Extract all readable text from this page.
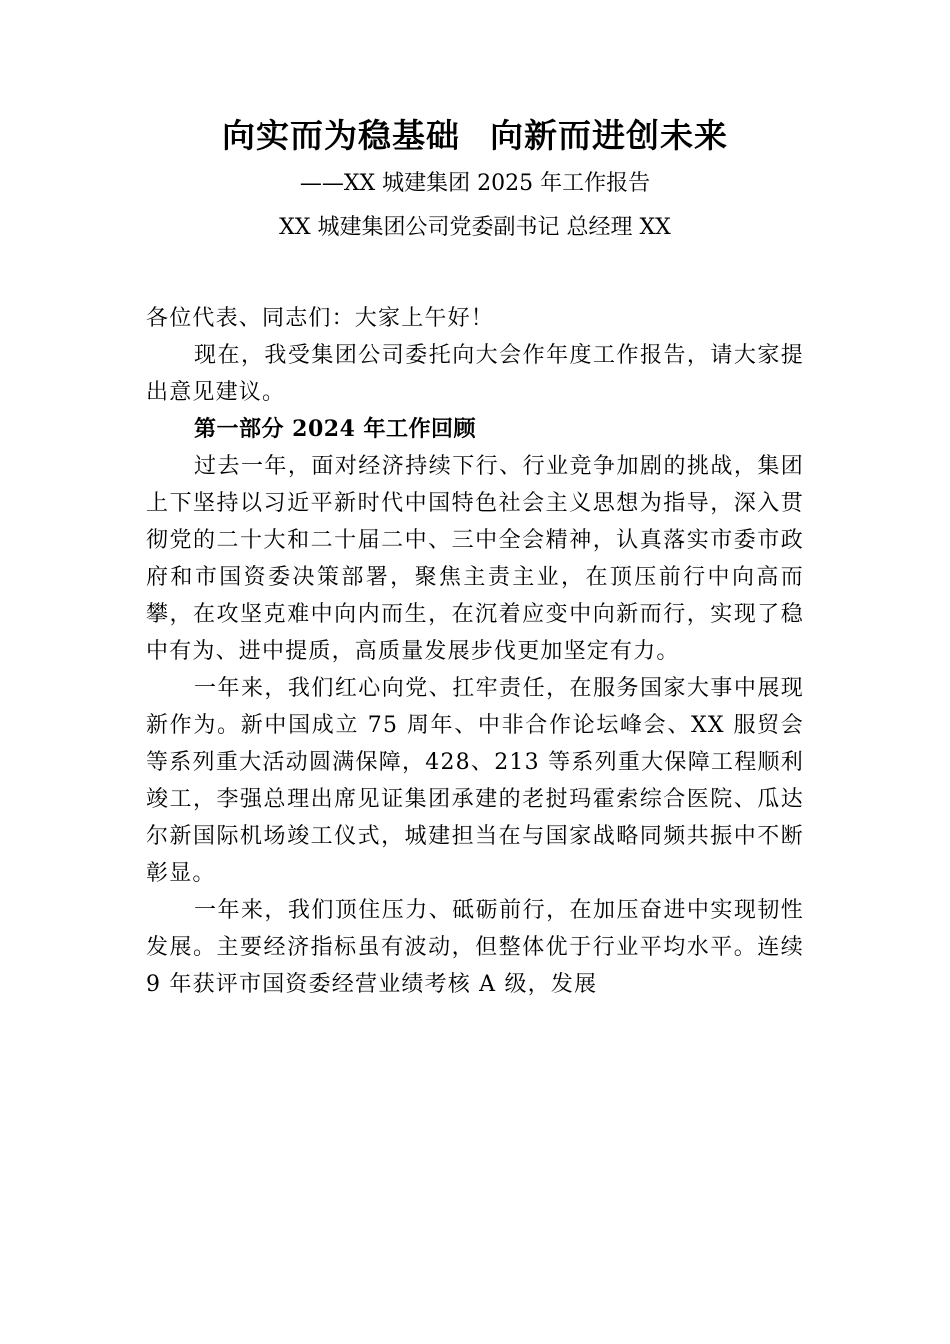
向实而为稳基础 向新而进创未来
——XX 城建集团 2025 年工作报告
XX 城建集团公司党委副书记 总经理 XX

各位代表、同志们：大家上午好！

现在，我受集团公司委托向大会作年度工作报告，请大家提出意见建议。

第一部分 2024 年工作回顾

过去一年，面对经济持续下行、行业竞争加剧的挑战，集团上下坚持以习近平新时代中国特色社会主义思想为指导，深入贯彻党的二十大和二十届二中、三中全会精神，认真落实市委市政府和市国资委决策部署，聚焦主责主业，在顶压前行中向高而攀，在攻坚克难中向内而生，在沉着应变中向新而行，实现了稳中有为、进中提质，高质量发展步伐更加坚定有力。

一年来，我们红心向党、扛牢责任，在服务国家大事中展现新作为。新中国成立 75 周年、中非合作论坛峰会、XX 服贸会等系列重大活动圆满保障，428、213 等系列重大保障工程顺利竣工，李强总理出席见证集团承建的老挝玛霍索综合医院、瓜达尔新国际机场竣工仪式，城建担当在与国家战略同频共振中不断彰显。

一年来，我们顶住压力、砥砺前行，在加压奋进中实现韧性发展。主要经济指标虽有波动，但整体优于行业平均水平。连续 9 年获评市国资委经营业绩考核 A 级，发展
